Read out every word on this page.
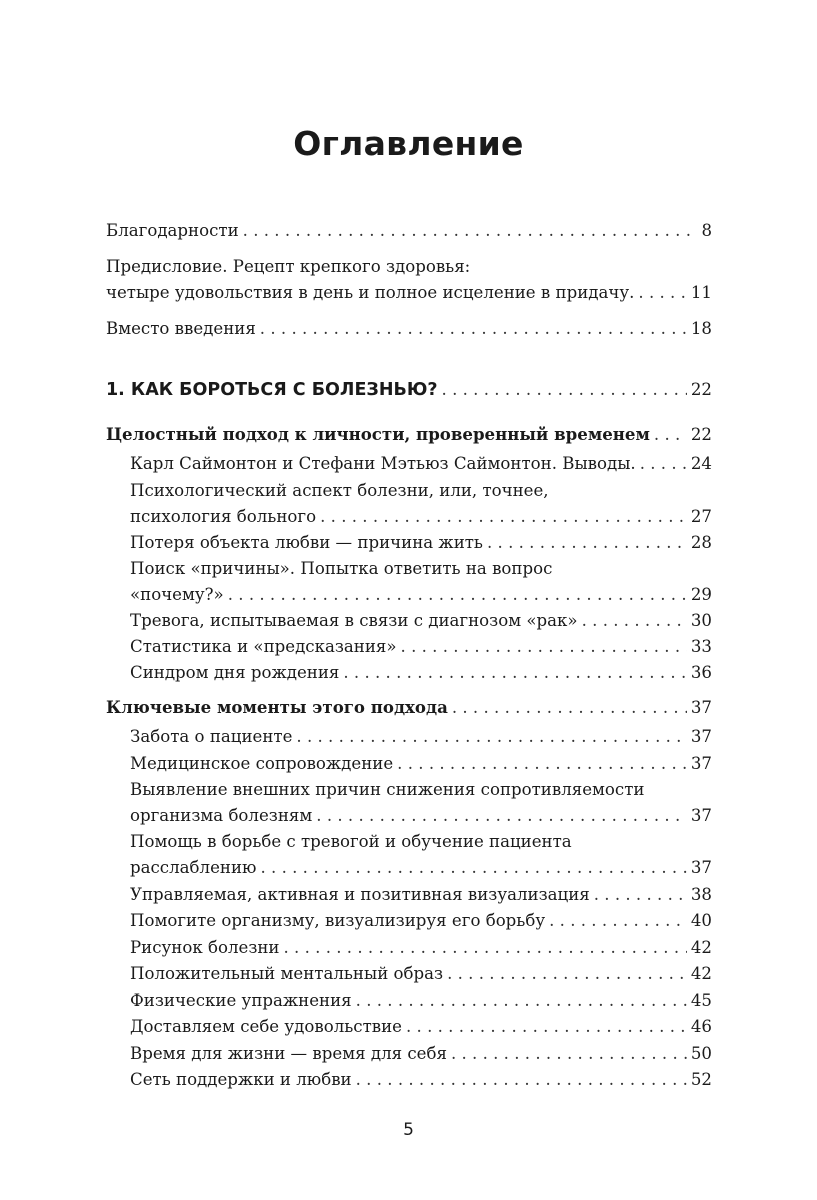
Оглавление
Благодарности . . .	8
Предисловие. Рецепт крепкого здоровья:
четыре удовольствия в день и полное исцеление в придачу. . . .	11
Вместо введения . . .	18
1. КАК БОРОТЬСЯ С БОЛЕЗНЬЮ? . . .	22
Целостный подход к личности, проверенный временем . . . 22
Карл Саймонтон и Стефани Мэтьюз Саймонтон. Выводы. . . .	24
Психологический аспект болезни, или, точнее,
психология больного . . .	27
Потеря объекта любви — причина жить . . .	28
Поиск «причины». Попытка ответить на вопрос
«почему?» . . .	29
Тревога, испытываемая в связи с диагнозом «рак» . . .	30
Статистика и «предсказания» . . .	33
Синдром дня рождения . . .	36
Ключевые моменты этого подхода . . .	37
Забота о пациенте . . .	37
Медицинское сопровождение . . .	37
Выявление внешних причин снижения сопротивляемости
организма болезням . . .	37
Помощь в борьбе с тревогой и обучение пациента
расслаблению . . .	37
Управляемая, активная и позитивная визуализация . . .	38
Помогите организму, визуализируя его борьбу . . .	40
Рисунок болезни . . .	42
Положительный ментальный образ . . .	42
Физические упражнения . . .	45
Доставляем себе удовольствие . . .	46
Время для жизни — время для себя . . .	50
Сеть поддержки и любви . . .	52
5
